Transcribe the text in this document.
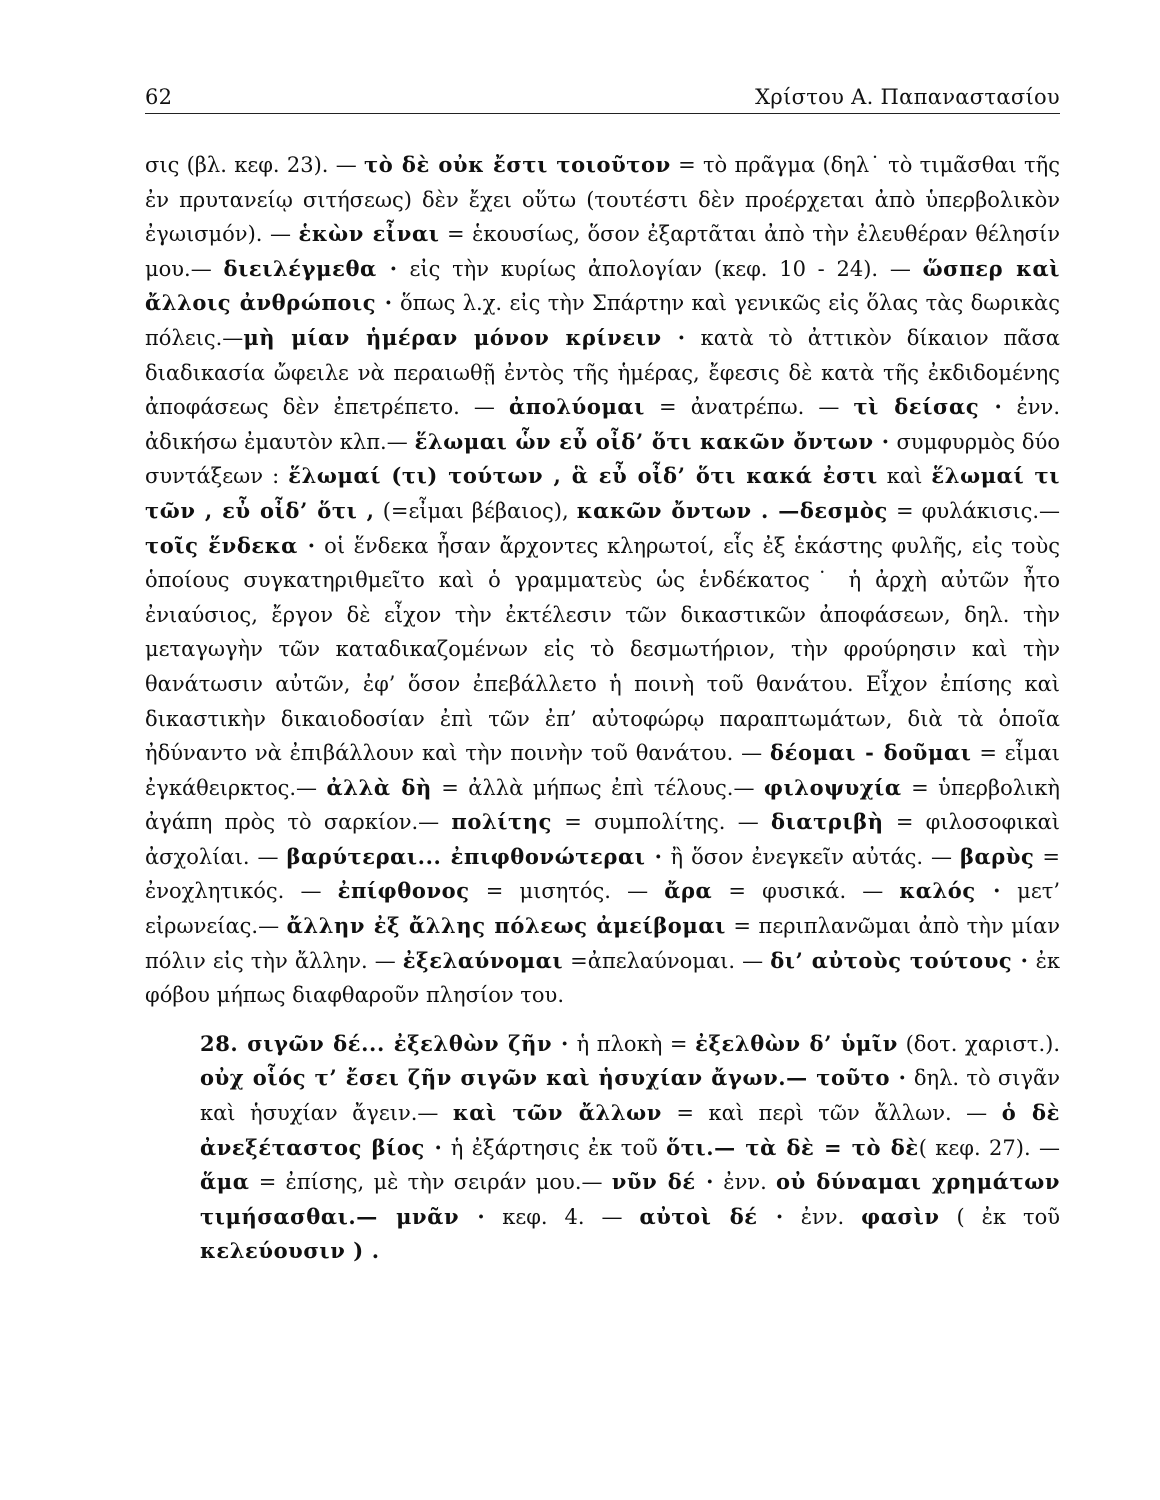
62	Χρίστου Α. Παπαναστασίου

σις (βλ. κεφ. 23). — τὸ δὲ οὐκ ἔστι τοιοῦτον = τὸ πρᾶγμα (δηλ˙ τὸ τιμᾶσθαι τῆς ἐν πρυτανείῳ σιτήσεως) δὲν ἔχει οὕτω (τουτέστι δὲν προέρχεται ἀπὸ ὑπερβολικὸν ἐγωισμόν). — ἑκὼν εἶναι = ἑκουσίως, ὅσον ἐξαρτᾶται ἀπὸ τὴν ἐλευθέραν θέλησίν μου.— διειλέγμεθα · εἰς τὴν κυρίως ἀπολογίαν (κεφ. 10 - 24). — ὥσπερ καὶ ἄλλοις ἀνθρώποις · ὅπως λ.χ. εἰς τὴν Σπάρτην καὶ γενικῶς εἰς ὅλας τὰς δωρικὰς πόλεις.—μὴ μίαν ἡμέραν μόνον κρίνειν · κατὰ τὸ ἀττικὸν δίκαιον πᾶσα διαδικασία ὤφειλε νὰ περαιωθῇ ἐντὸς τῆς ἡμέρας, ἔφεσις δὲ κατὰ τῆς ἐκδιδομένης ἀποφάσεως δὲν ἐπετρέπετο. — ἀπολύομαι = ἀνατρέπω. — τὶ δείσας · ἐνν. ἀδικήσω ἐμαυτὸν κλπ.— ἕλωμαι ὧν εὖ οἶδ’ ὅτι κακῶν ὄντων · συμφυρμὸς δύο συντάξεων : ἕλωμαί (τι) τούτων , ἃ εὖ οἶδ’ ὅτι κακά ἐστι καὶ ἕλωμαί τι τῶν , εὖ οἶδ’ ὅτι , (=εἶμαι βέβαιος), κακῶν ὄντων . —δεσμὸς = φυλάκισις.— τοῖς ἕνδεκα · οἱ ἕνδεκα ἦσαν ἄρχοντες κληρωτοί, εἷς ἐξ ἑκάστης φυλῆς, εἰς τοὺς ὁποίους συγκατηριθμεῖτο καὶ ὁ γραμματεὺς ὡς ἑνδέκατος˙ ἡ ἀρχὴ αὐτῶν ἦτο ἐνιαύσιος, ἔργον δὲ εἶχον τὴν ἐκτέλεσιν τῶν δικαστικῶν ἀποφάσεων, δηλ. τὴν μεταγωγὴν τῶν καταδικαζομένων εἰς τὸ δεσμωτήριον, τὴν φρούρησιν καὶ τὴν θανάτωσιν αὐτῶν, ἐφ’ ὅσον ἐπεβάλλετο ἡ ποινὴ τοῦ θανάτου. Εἶχον ἐπίσης καὶ δικαστικὴν δικαιοδοσίαν ἐπὶ τῶν ἐπ’ αὐτοφώρῳ παραπτωμάτων, διὰ τὰ ὁποῖα ἠδύναντο νὰ ἐπιβάλλουν καὶ τὴν ποινὴν τοῦ θανάτου. — δέομαι - δοῦμαι = εἶμαι ἐγκάθειρκτος.— ἀλλὰ δὴ = ἀλλὰ μήπως ἐπὶ τέλους.— φιλοψυχία = ὑπερβολικὴ ἀγάπη πρὸς τὸ σαρκίον.— πολίτης = συμπολίτης. — διατριβὴ = φιλοσοφικαὶ ἀσχολίαι. — βαρύτεραι... ἐπιφθονώτεραι · ἢ ὅσον ἐνεγκεῖν αὐτάς. — βαρὺς = ἐνοχλητικός. — ἐπίφθονος = μισητός. — ἄρα = φυσικά. — καλός · μετ’ εἰρωνείας.— ἄλλην ἐξ ἄλλης πόλεως ἀμείβομαι = περιπλανῶμαι ἀπὸ τὴν μίαν πόλιν εἰς τὴν ἄλλην. — ἐξελαύνομαι =ἀπελαύνομαι. — δι’ αὐτοὺς τούτους · ἐκ φόβου μήπως διαφθαροῦν πλησίον του.

28. σιγῶν δέ... ἐξελθὼν ζῆν · ἡ πλοκὴ = ἐξελθὼν δ’ ὑμῖν (δοτ. χαριστ.). οὐχ οἷός τ’ ἔσει ζῆν σιγῶν καὶ ἡσυχίαν ἄγων.— τοῦτο · δηλ. τὸ σιγᾶν καὶ ἡσυχίαν ἄγειν.— καὶ τῶν ἄλλων = καὶ περὶ τῶν ἄλλων. — ὁ δὲ ἀνεξέταστος βίος · ἡ ἐξάρτησις ἐκ τοῦ ὅτι.— τὰ δὲ = τὸ δὲ( κεφ. 27). — ἅμα = ἐπίσης, μὲ τὴν σειράν μου.— νῦν δέ · ἐνν. οὐ δύναμαι χρημάτων τιμήσασθαι.— μνᾶν · κεφ. 4. — αὐτοὶ δέ · ἐνν. φασὶν ( ἐκ τοῦ κελεύουσιν ) .
